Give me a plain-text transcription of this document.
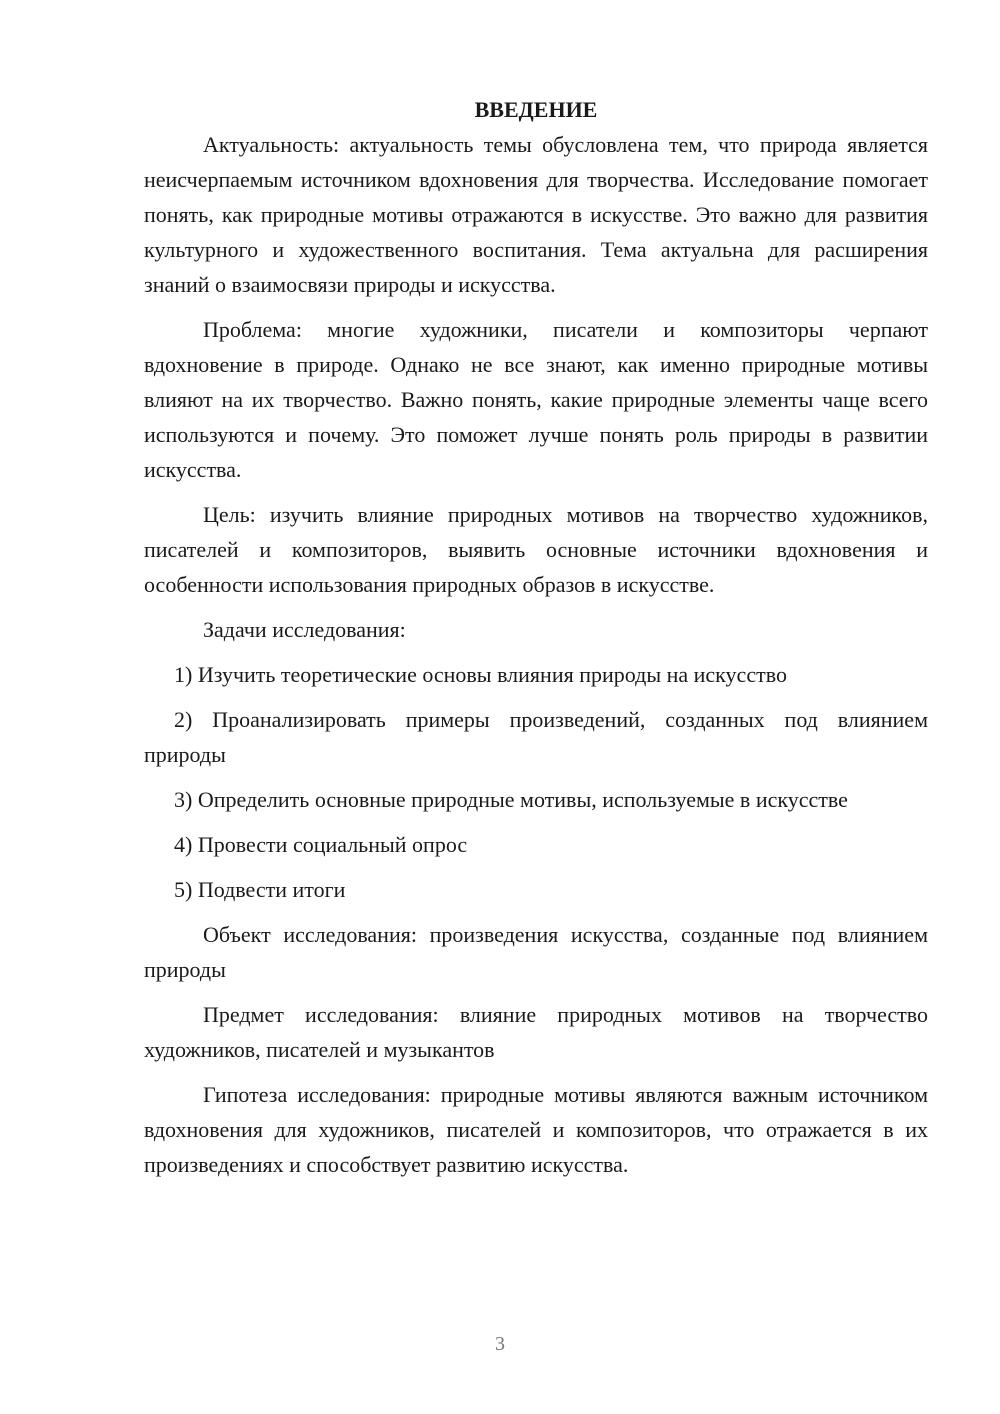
ВВЕДЕНИЕ

Актуальность: актуальность темы обусловлена тем, что природа является неисчерпаемым источником вдохновения для творчества. Исследование помогает понять, как природные мотивы отражаются в искусстве. Это важно для развития культурного и художественного воспитания. Тема актуальна для расширения знаний о взаимосвязи природы и искусства.

Проблема: многие художники, писатели и композиторы черпают вдохновение в природе. Однако не все знают, как именно природные мотивы влияют на их творчество. Важно понять, какие природные элементы чаще всего используются и почему. Это поможет лучше понять роль природы в развитии искусства.

Цель: изучить влияние природных мотивов на творчество художников, писателей и композиторов, выявить основные источники вдохновения и особенности использования природных образов в искусстве.

Задачи исследования:

1) Изучить теоретические основы влияния природы на искусство

2) Проанализировать примеры произведений, созданных под влиянием природы

3) Определить основные природные мотивы, используемые в искусстве

4) Провести социальный опрос

5) Подвести итоги

Объект исследования: произведения искусства, созданные под влиянием природы

Предмет исследования: влияние природных мотивов на творчество художников, писателей и музыкантов

Гипотеза исследования: природные мотивы являются важным источником вдохновения для художников, писателей и композиторов, что отражается в их произведениях и способствует развитию искусства.

3
